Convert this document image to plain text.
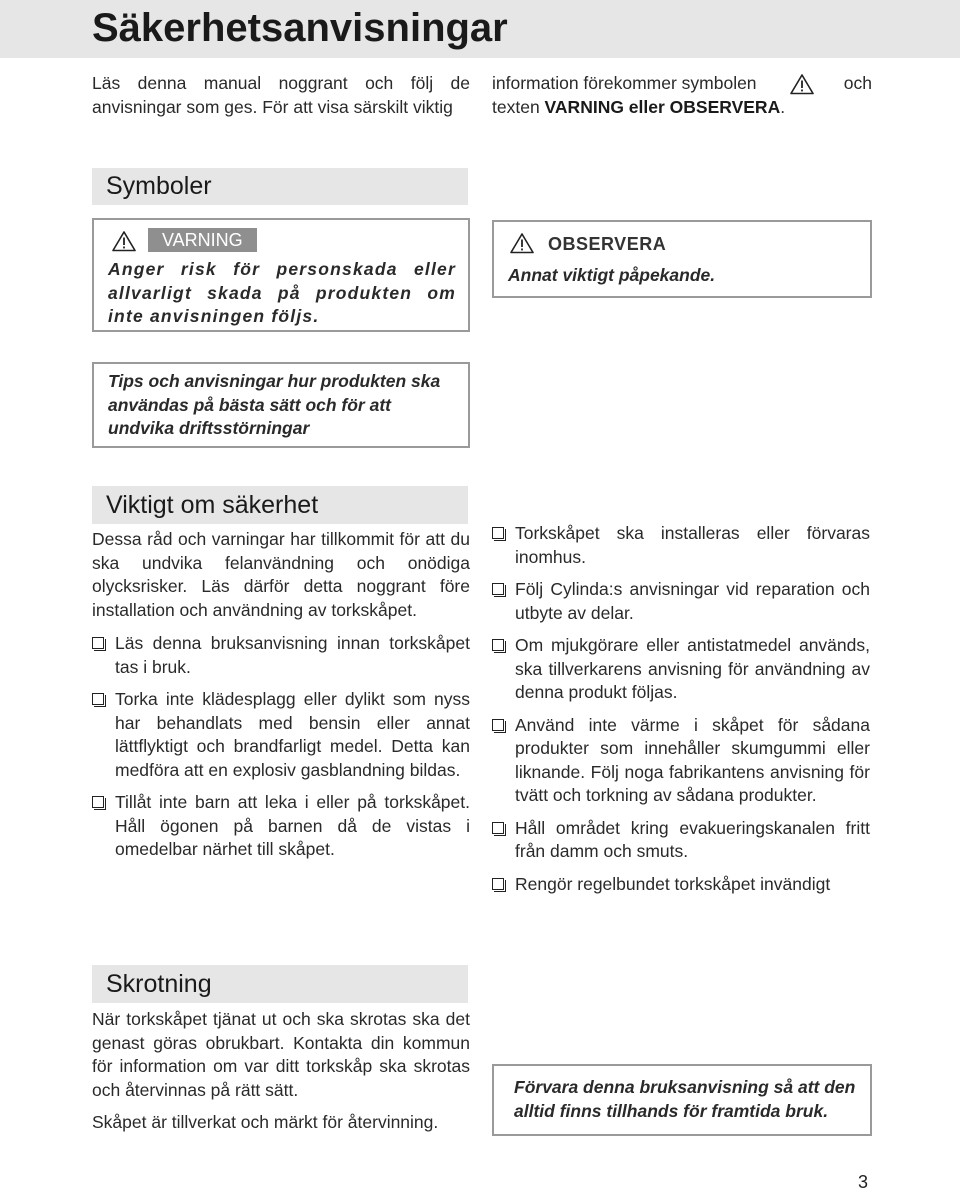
Säkerhetsanvisningar
Läs denna manual noggrant och följ de anvisningar som ges. För att visa särskilt viktig
information förekommer symbolen	och
texten VARNING eller OBSERVERA.
Symboler
VARNING
Anger risk för personskada eller allvarligt skada på produkten om inte anvisningen följs.
OBSERVERA
Annat viktigt påpekande.
Tips och anvisningar hur produkten ska användas på bästa sätt och för att undvika driftsstörningar
Viktigt om säkerhet

Dessa råd och varningar har tillkommit för att du ska undvika felanvändning och onödiga olycksrisker. Läs därför detta noggrant före installation och användning av torkskåpet.

Läs denna bruksanvisning innan torkskåpet tas i bruk.
Torka inte klädesplagg eller dylikt som nyss har behandlats med bensin eller annat lättflyktigt och brandfarligt medel. Detta kan medföra att en explosiv gasblandning bildas.
Tillåt inte barn att leka i eller på torkskåpet. Håll ögonen på barnen då de vistas i omedelbar närhet till skåpet.
Torkskåpet ska installeras eller förvaras inomhus.
Följ Cylinda:s anvisningar vid reparation och utbyte av delar.
Om mjukgörare eller antistatmedel används, ska tillverkarens anvisning för användning av denna produkt följas.
Använd inte värme i skåpet för sådana produkter som innehåller skumgummi eller liknande. Följ noga fabrikantens anvisning för tvätt och torkning av sådana produkter.
Håll området kring evakueringskanalen fritt från damm och smuts.
Rengör regelbundet torkskåpet invändigt
Skrotning

När torkskåpet tjänat ut och ska skrotas ska det genast göras obrukbart. Kontakta din kommun för information om var ditt torkskåp ska skrotas och återvinnas på rätt sätt.

Skåpet är tillverkat och märkt för återvinning.

Förvara denna bruksanvisning så att den alltid finns tillhands för framtida bruk.
3
